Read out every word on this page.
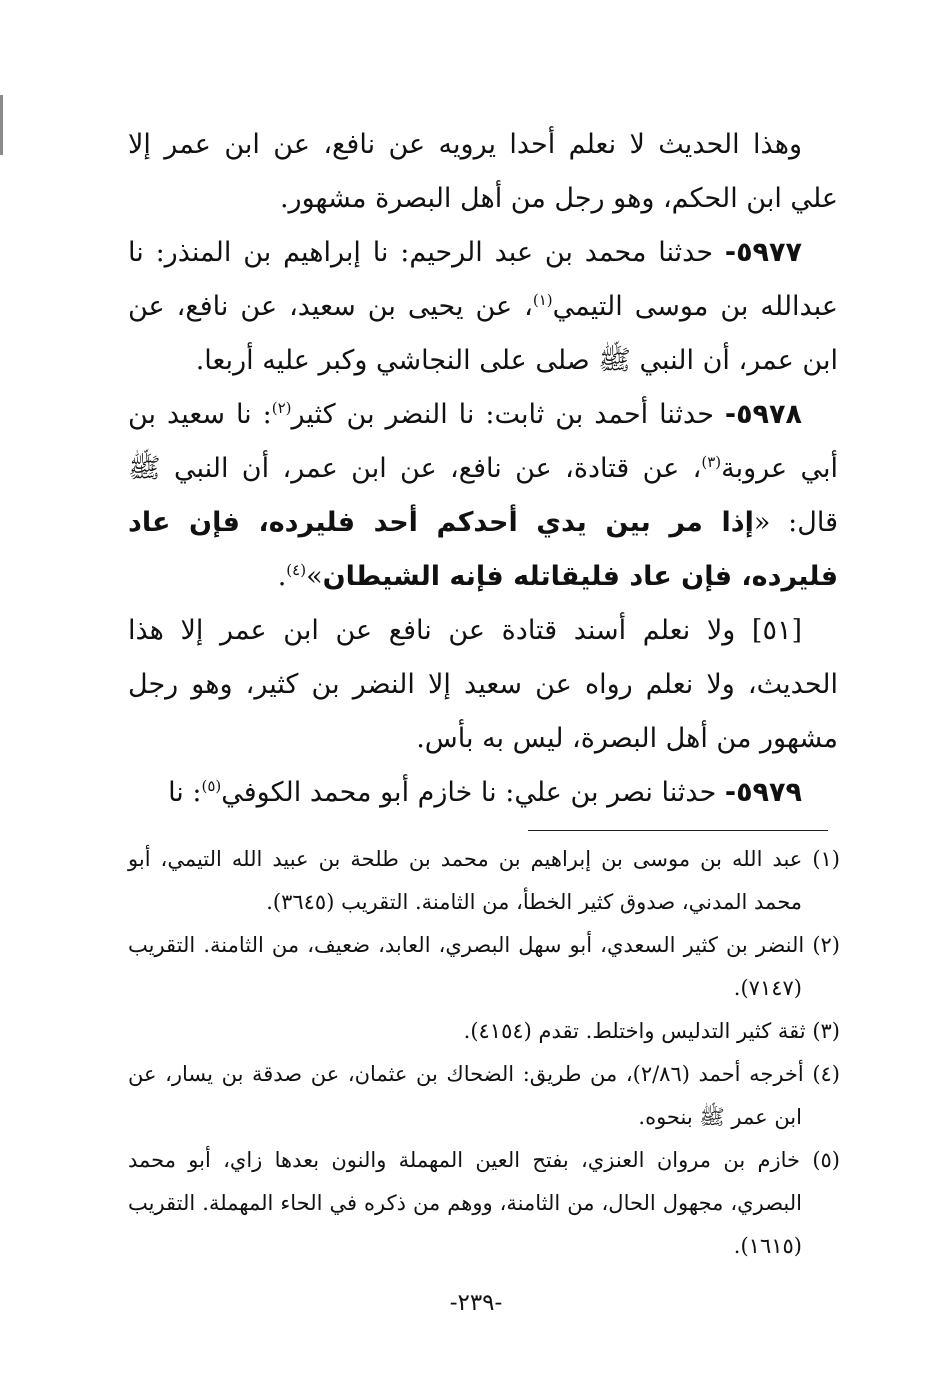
وهذا الحديث لا نعلم أحدا يرويه عن نافع، عن ابن عمر إلا علي ابن الحكم، وهو رجل من أهل البصرة مشهور.

٥٩٧٧- حدثنا محمد بن عبد الرحيم: نا إبراهيم بن المنذر: نا عبدالله بن موسى التيمي$^{(١)}$، عن يحيى بن سعيد، عن نافع، عن ابن عمر، أن النبي ﷺ صلى على النجاشي وكبر عليه أربعا.

٥٩٧٨- حدثنا أحمد بن ثابت: نا النضر بن كثير$^{(٢)}$: نا سعيد بن أبي عروبة$^{(٣)}$، عن قتادة، عن نافع، عن ابن عمر، أن النبي ﷺ قال: «إذا مر بين يدي أحدكم أحد فليرده، فإن عاد فليرده، فإن عاد فليقاتله فإنه الشيطان»$^{(٤)}$.

[٥١] ولا نعلم أسند قتادة عن نافع عن ابن عمر إلا هذا الحديث، ولا نعلم رواه عن سعيد إلا النضر بن كثير، وهو رجل مشهور من أهل البصرة، ليس به بأس.

٥٩٧٩- حدثنا نصر بن علي: نا خازم أبو محمد الكوفي$^{(٥)}$: نا

(١) عبد الله بن موسى بن إبراهيم بن محمد بن طلحة بن عبيد الله التيمي، أبو محمد المدني، صدوق كثير الخطأ، من الثامنة. التقريب (٣٦٤٥).

(٢) النضر بن كثير السعدي، أبو سهل البصري، العابد، ضعيف، من الثامنة. التقريب (٧١٤٧).

(٣) ثقة كثير التدليس واختلط. تقدم (٤١٥٤).

(٤) أخرجه أحمد (٢/٨٦)، من طريق: الضحاك بن عثمان، عن صدقة بن يسار، عن ابن عمر ﷺ بنحوه.

(٥) خازم بن مروان العنزي، بفتح العين المهملة والنون بعدها زاي، أبو محمد البصري، مجهول الحال، من الثامنة، ووهم من ذكره في الحاء المهملة. التقريب (١٦١٥).

-٢٣٩-
